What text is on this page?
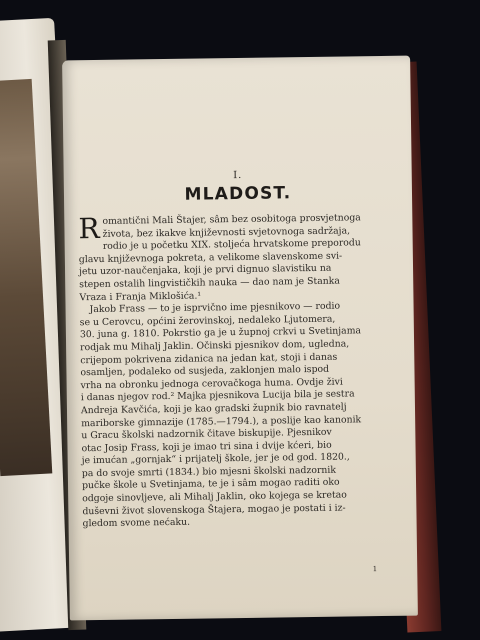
I.
MLADOST.
R omantični Mali Štajer, sâm bez osobitoga prosvjetnoga
života, bez ikakve književnosti svjetovnoga sadržaja,
rodio je u početku XIX. stoljeća hrvatskome preporodu
glavu književnoga pokreta, a velikome slavenskome svi-
jetu uzor-naučenjaka, koji je prvi dignuo slavistiku na
stepen ostalih lingvističkih nauka — dao nam je Stanka
Vraza i Franja Miklošića.¹
Jakob Frass — to je isprvično ime pjesnikovo — rodio
se u Cerovcu, općini žerovinskoj, nedaleko Ljutomera,
30. juna g. 1810. Pokrstio ga je u župnoj crkvi u Svetinjama
rodjak mu Mihalj Jaklin. Očinski pjesnikov dom, ugledna,
crijepom pokrivena zidanica na jedan kat, stoji i danas
osamljen, podaleko od susjeda, zaklonjen malo ispod
vrha na obronku jednoga cerovačkoga huma. Ovdje živi
i danas njegov rod.² Majka pjesnikova Lucija bila je sestra
Andreja Kavčića, koji je kao gradski župnik bio ravnatelj
mariborske gimnazije (1785.—1794.), a poslije kao kanonik
u Gracu školski nadzornik čitave biskupije. Pjesnikov
otac Josip Frass, koji je imao tri sina i dvije kćeri, bio
je imućan „gornjak“ i prijatelj škole, jer je od god. 1820.,
pa do svoje smrti (1834.) bio mjesni školski nadzornik
pučke škole u Svetinjama, te je i sâm mogao raditi oko
odgoje sinovljeve, ali Mihalj Jaklin, oko kojega se kretao
duševni život slovenskoga Štajera, mogao je postati i iz-
gledom svome nećaku.
1
